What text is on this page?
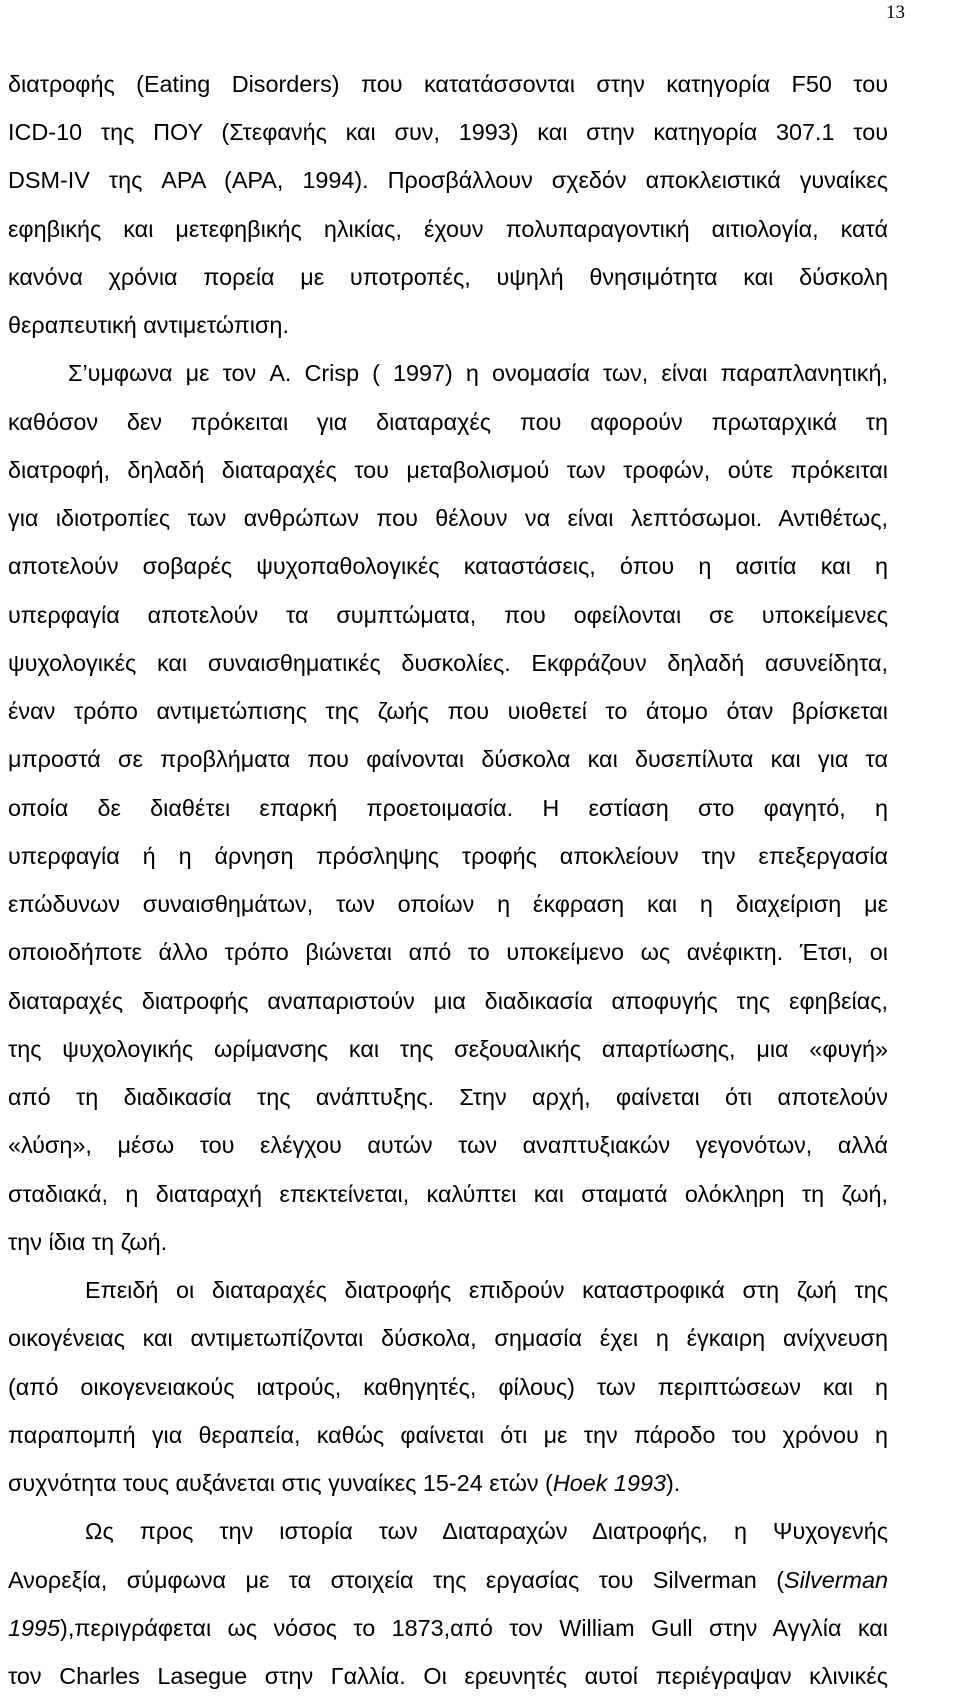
13
διατροφής (Eating Disorders) που κατατάσσονται στην κατηγορία F50 του
ICD-10 της ΠΟΥ (Στεφανής και συν, 1993) και στην κατηγορία 307.1 του
DSM-IV της APA (APA, 1994). Προσβάλλουν σχεδόν αποκλειστικά γυναίκες
εφηβικής και μετεφηβικής ηλικίας, έχουν πολυπαραγοντική αιτιολογία, κατά
κανόνα χρόνια πορεία με υποτροπές, υψηλή θνησιμότητα και δύσκολη
θεραπευτική αντιμετώπιση.
Σ’υμφωνα με τον A. Crisp ( 1997) η ονομασία των, είναι παραπλανητική,
καθόσον δεν πρόκειται για διαταραχές που αφορούν πρωταρχικά τη
διατροφή, δηλαδή διαταραχές του μεταβολισμού των τροφών, ούτε πρόκειται
για ιδιοτροπίες των ανθρώπων που θέλουν να είναι λεπτόσωμοι. Αντιθέτως,
αποτελούν σοβαρές ψυχοπαθολογικές καταστάσεις, όπου η ασιτία και η
υπερφαγία αποτελούν τα συμπτώματα, που οφείλονται σε υποκείμενες
ψυχολογικές και συναισθηματικές δυσκολίες. Εκφράζουν δηλαδή ασυνείδητα,
έναν τρόπο αντιμετώπισης της ζωής που υιοθετεί το άτομο όταν βρίσκεται
μπροστά σε προβλήματα που φαίνονται δύσκολα και δυσεπίλυτα και για τα
οποία δε διαθέτει επαρκή προετοιμασία. Η εστίαση στο φαγητό, η
υπερφαγία ή η άρνηση πρόσληψης τροφής αποκλείουν την επεξεργασία
επώδυνων συναισθημάτων, των οποίων η έκφραση και η διαχείριση με
οποιοδήποτε άλλο τρόπο βιώνεται από το υποκείμενο ως ανέφικτη. Έτσι, οι
διαταραχές διατροφής αναπαριστούν μια διαδικασία αποφυγής της εφηβείας,
της ψυχολογικής ωρίμανσης και της σεξουαλικής απαρτίωσης, μια «φυγή»
από τη διαδικασία της ανάπτυξης. Στην αρχή, φαίνεται ότι αποτελούν
«λύση», μέσω του ελέγχου αυτών των αναπτυξιακών γεγονότων, αλλά
σταδιακά, η διαταραχή επεκτείνεται, καλύπτει και σταματά ολόκληρη τη ζωή,
την ίδια τη ζωή.
Επειδή οι διαταραχές διατροφής επιδρούν καταστροφικά στη ζωή της
οικογένειας και αντιμετωπίζονται δύσκολα, σημασία έχει η έγκαιρη ανίχνευση
(από οικογενειακούς ιατρούς, καθηγητές, φίλους) των περιπτώσεων και η
παραπομπή για θεραπεία, καθώς φαίνεται ότι με την πάροδο του χρόνου η
συχνότητα τους αυξάνεται στις γυναίκες 15-24 ετών (Hoek 1993).
Ως προς την ιστορία των Διαταραχών Διατροφής, η Ψυχογενής
Ανορεξία, σύμφωνα με τα στοιχεία της εργασίας του Silverman (Silverman
1995),περιγράφεται ως νόσος το 1873,από τον William Gull στην Αγγλία και
τον Charles Lasegue στην Γαλλία. Οι ερευνητές αυτοί περιέγραψαν κλινικές
